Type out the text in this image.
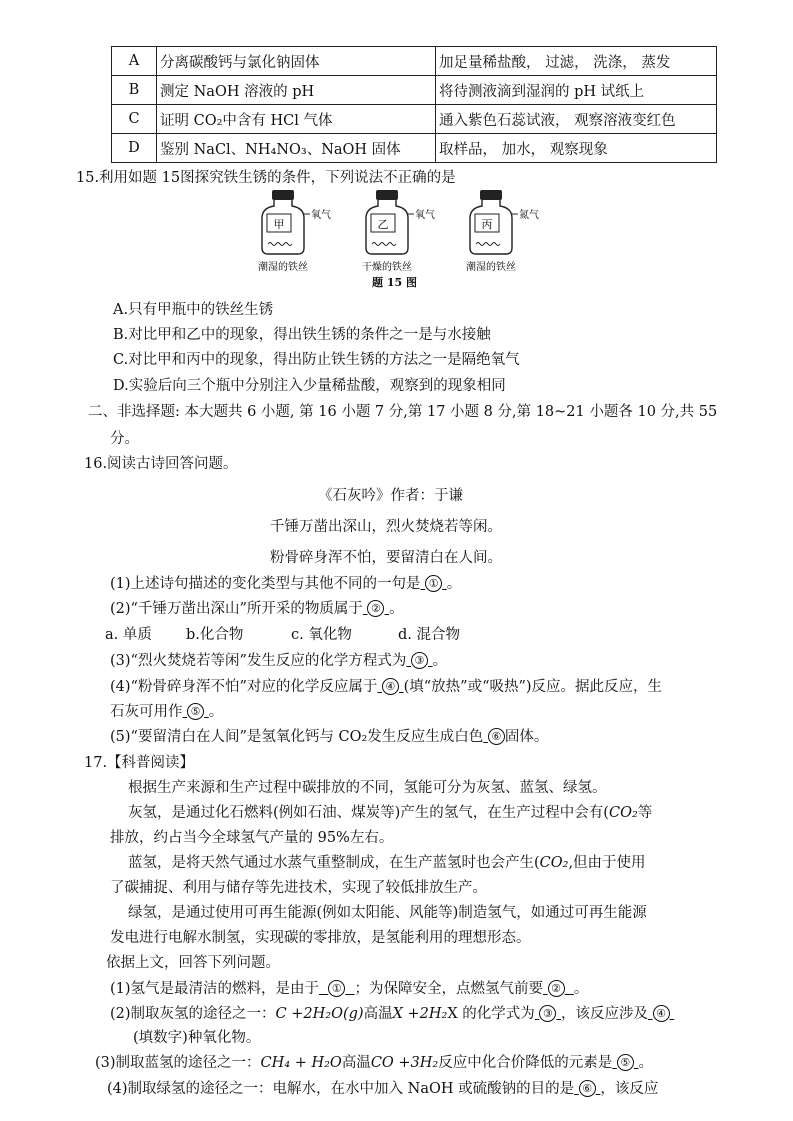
A	分离碳酸钙与氯化钠固体	加足量稀盐酸， 过滤， 洗涤， 蒸发
B	测定 NaOH 溶液的 pH	将待测液滴到湿润的 pH 试纸上
C	证明 CO₂中含有 HCl 气体	通入紫色石蕊试液， 观察溶液变红色
D	鉴别 NaCl、NH₄NO₃、NaOH 固体	取样品， 加水， 观察现象
15.利用如题 15图探究铁生锈的条件，下列说法不正确的是
甲
氧气
潮湿的铁丝
乙
氧气
干燥的铁丝
丙
氮气
潮湿的铁丝
题 15 图
A.只有甲瓶中的铁丝生锈
B.对比甲和乙中的现象，得出铁生锈的条件之一是与水接触
C.对比甲和丙中的现象，得出防止铁生锈的方法之一是隔绝氧气
D.实验后向三个瓶中分别注入少量稀盐酸，观察到的现象相同
二、非选择题: 本大题共 6 小题, 第 16 小题 7 分,第 17 小题 8 分,第 18~21 小题各 10 分,共 55
分。
16.阅读古诗回答问题。
《石灰吟》作者：于谦
千锤万凿出深山，烈火焚烧若等闲。
粉骨碎身浑不怕，要留清白在人间。
(1)上述诗句描述的变化类型与其他不同的一句是 ① 。
(2)“千锤万凿出深山”所开采的物质属于 ② 。
a. 单质 b.化合物	c. 氧化物	d. 混合物
(3)“烈火焚烧若等闲”发生反应的化学方程式为 ③ 。
(4)“粉骨碎身浑不怕”对应的化学反应属于 ④ (填“放热”或“吸热”)反应。据此反应，生
石灰可用作 ⑤ 。
(5)“要留清白在人间”是氢氧化钙与 CO₂发生反应生成白色 ⑥ 固体。
17.【科普阅读】
根据生产来源和生产过程中碳排放的不同，氢能可分为灰氢、蓝氢、绿氢。
灰氢，是通过化石燃料(例如石油、煤炭等)产生的氢气，在生产过程中会有(CO₂等
排放，约占当今全球氢气产量的 95%左右。
蓝氢，是将天然气通过水蒸气重整制成，在生产蓝氢时也会产生(CO₂,但由于使用
了碳捕捉、利用与储存等先进技术，实现了较低排放生产。
绿氢，是通过使用可再生能源(例如太阳能、风能等)制造氢气，如通过可再生能源
发电进行电解水制氢，实现碳的零排放，是氢能利用的理想形态。
依据上文，回答下列问题。
(1)氢气是最清洁的燃料，是由于 ① ；为保障安全，点燃氢气前要 ② 。
(2)制取灰氢的途径之一：C +2H₂O(g)高温X +2H₂X 的化学式为 ③ ，该反应涉及 ④
(填数字)种氧化物。
(3)制取蓝氢的途径之一：CH₄ + H₂O高温CO +3H₂反应中化合价降低的元素是 ⑤ 。
(4)制取绿氢的途径之一：电解水，在水中加入 NaOH 或硫酸钠的目的是 ⑥ ，该反应
